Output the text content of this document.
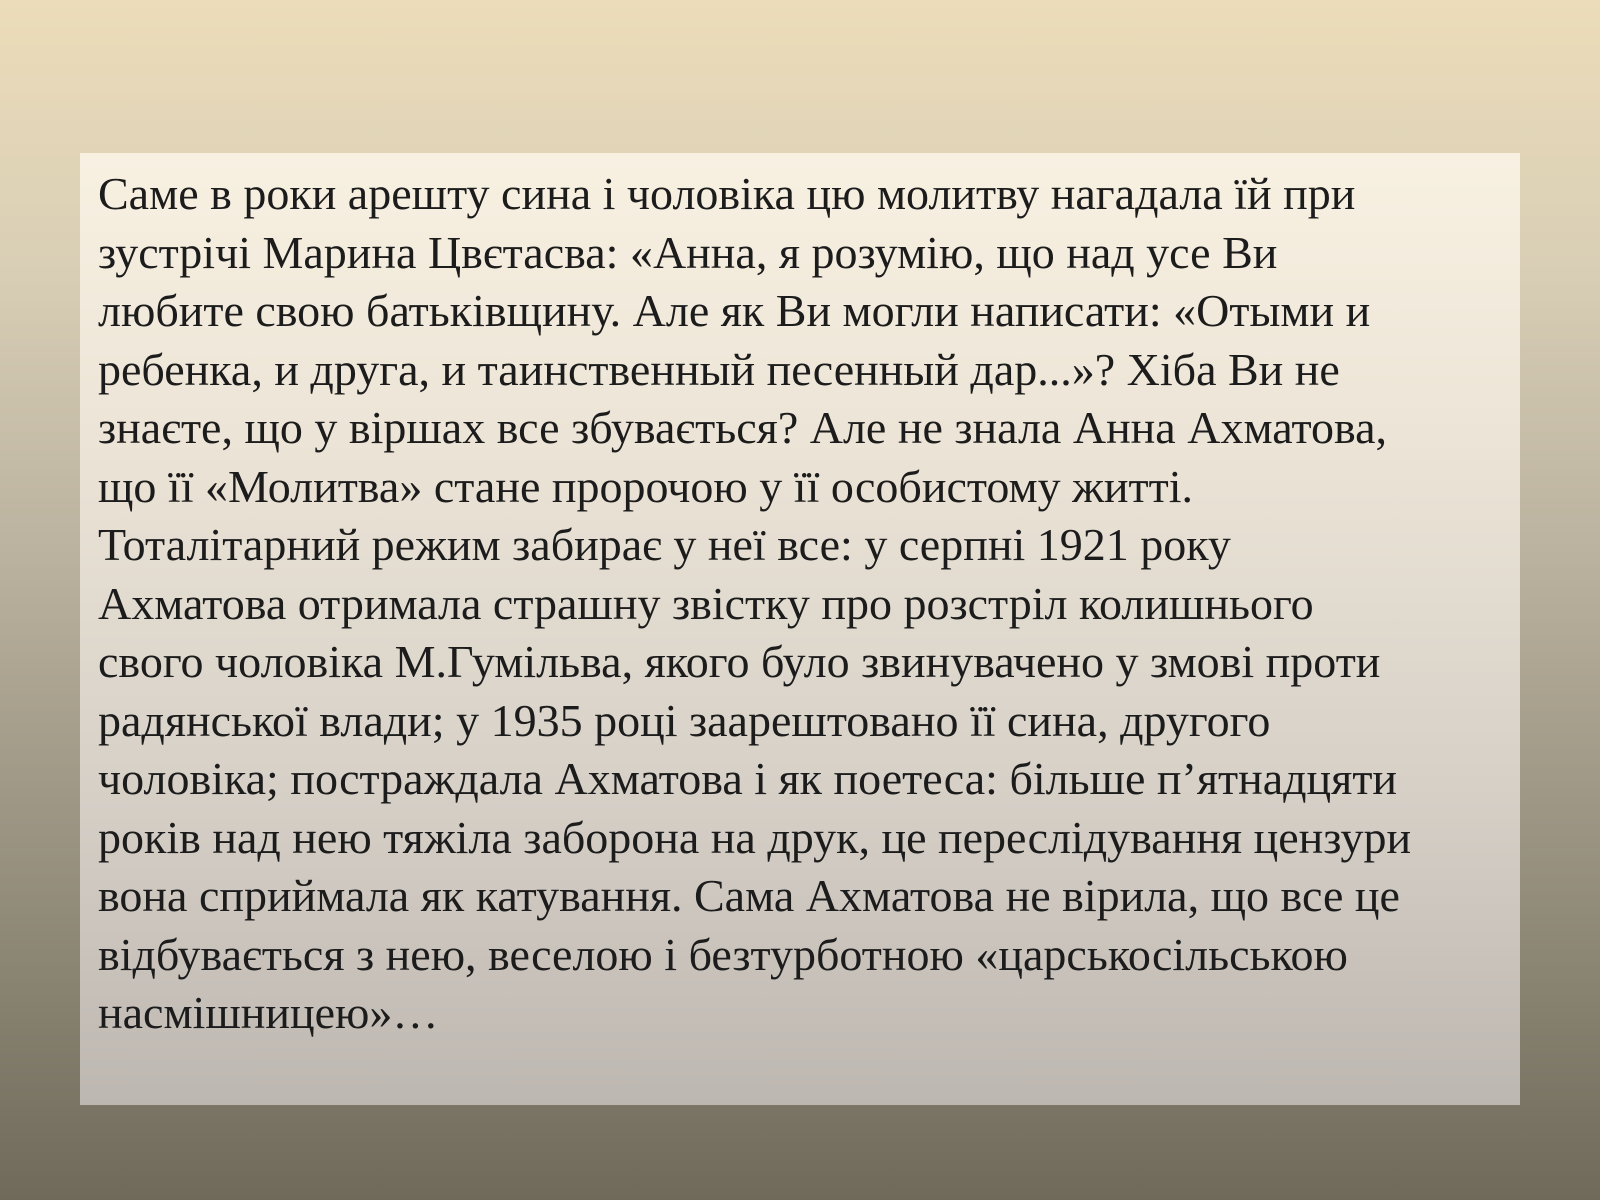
Саме в роки арешту сина і чоловіка цю молитву нагадала їй при
зустрічі Марина Цвєтасва: «Анна, я розумію, що над усе Ви
любите свою батьківщину. Але як Ви могли написати: «Отыми и
ребенка, и друга, и таинственный песенный дар...»? Хіба Ви не
знаєте, що у віршах все збувається? Але не знала Анна Ахматова,
що її «Молитва» стане пророчою у її особистому житті.
Тоталітарний режим забирає у неї все: у серпні 1921 року
Ахматова отримала страшну звістку про розстріл колишнього
свого чоловіка М.Гумільва, якого було звинувачено у змові проти
радянської влади; у 1935 році заарештовано її сина, другого
чоловіка; постраждала Ахматова і як поетеса: більше п’ятнадцяти
років над нею тяжіла заборона на друк, це переслідування цензури
вона сприймала як катування. Сама Ахматова не вірила, що все це
відбувається з нею, веселою і безтурботною «царськосільською
насмішницею»…
